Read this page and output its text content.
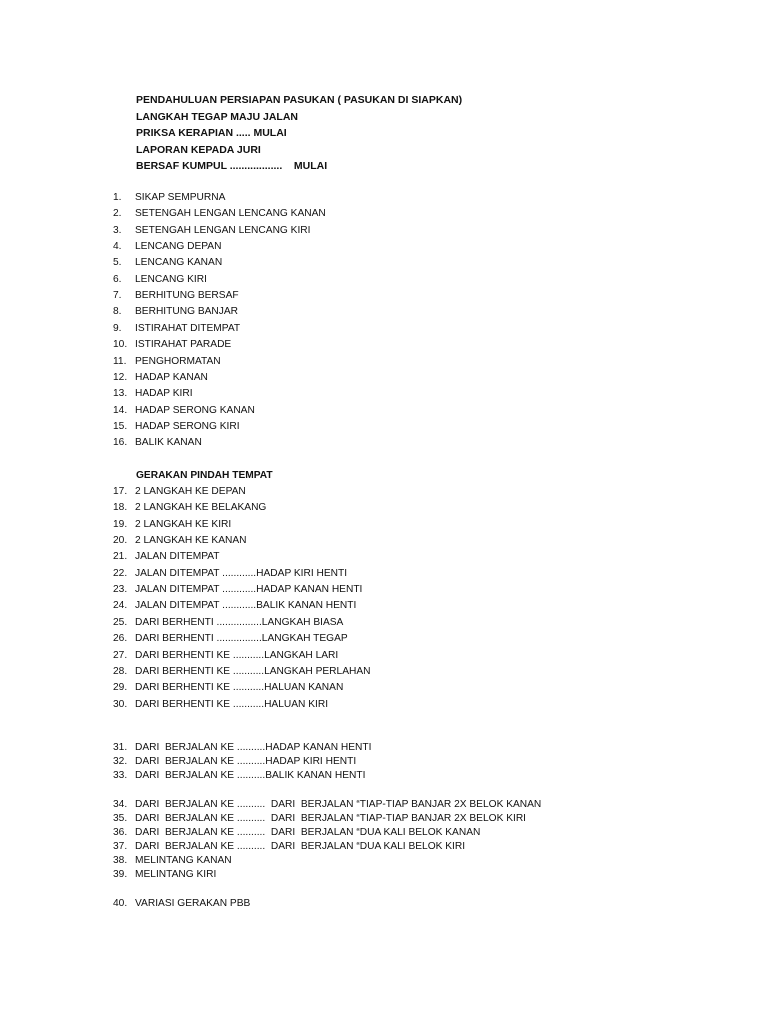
PENDAHULUAN PERSIAPAN PASUKAN ( PASUKAN DI SIAPKAN)
LANGKAH TEGAP MAJU JALAN
PRIKSA KERAPIAN ..... MULAI
LAPORAN KEPADA JURI
BERSAF KUMPUL ..................    MULAI
1. SIKAP SEMPURNA
2. SETENGAH LENGAN LENCANG KANAN
3. SETENGAH LENGAN LENCANG KIRI
4. LENCANG DEPAN
5. LENCANG KANAN
6. LENCANG KIRI
7. BERHITUNG BERSAF
8. BERHITUNG BANJAR
9. ISTIRAHAT DITEMPAT
10. ISTIRAHAT PARADE
11. PENGHORMATAN
12. HADAP KANAN
13. HADAP KIRI
14. HADAP SERONG KANAN
15. HADAP SERONG KIRI
16. BALIK KANAN
GERAKAN PINDAH TEMPAT
17. 2 LANGKAH KE DEPAN
18. 2 LANGKAH KE BELAKANG
19. 2 LANGKAH KE KIRI
20. 2 LANGKAH KE KANAN
21. JALAN DITEMPAT
22. JALAN DITEMPAT ............HADAP KIRI HENTI
23. JALAN DITEMPAT ............HADAP KANAN HENTI
24. JALAN DITEMPAT ............BALIK KANAN HENTI
25. DARI BERHENTI ................LANGKAH BIASA
26. DARI BERHENTI ................LANGKAH TEGAP
27. DARI BERHENTI KE ...........LANGKAH LARI
28. DARI BERHENTI KE ...........LANGKAH PERLAHAN
29. DARI BERHENTI KE ...........HALUAN KANAN
30. DARI BERHENTI KE ...........HALUAN KIRI
31. DARI  BERJALAN KE ..........HADAP KANAN HENTI
32. DARI  BERJALAN KE ..........HADAP KIRI HENTI
33. DARI  BERJALAN KE ..........BALIK KANAN HENTI
34. DARI  BERJALAN KE ..........  DARI  BERJALAN “TIAP-TIAP BANJAR 2X BELOK KANAN
35. DARI  BERJALAN KE ..........  DARI  BERJALAN “TIAP-TIAP BANJAR 2X BELOK KIRI
36. DARI  BERJALAN KE ..........  DARI  BERJALAN “DUA KALI BELOK KANAN
37. DARI  BERJALAN KE ..........  DARI  BERJALAN “DUA KALI BELOK KIRI
38. MELINTANG KANAN
39. MELINTANG KIRI
40. VARIASI GERAKAN PBB
